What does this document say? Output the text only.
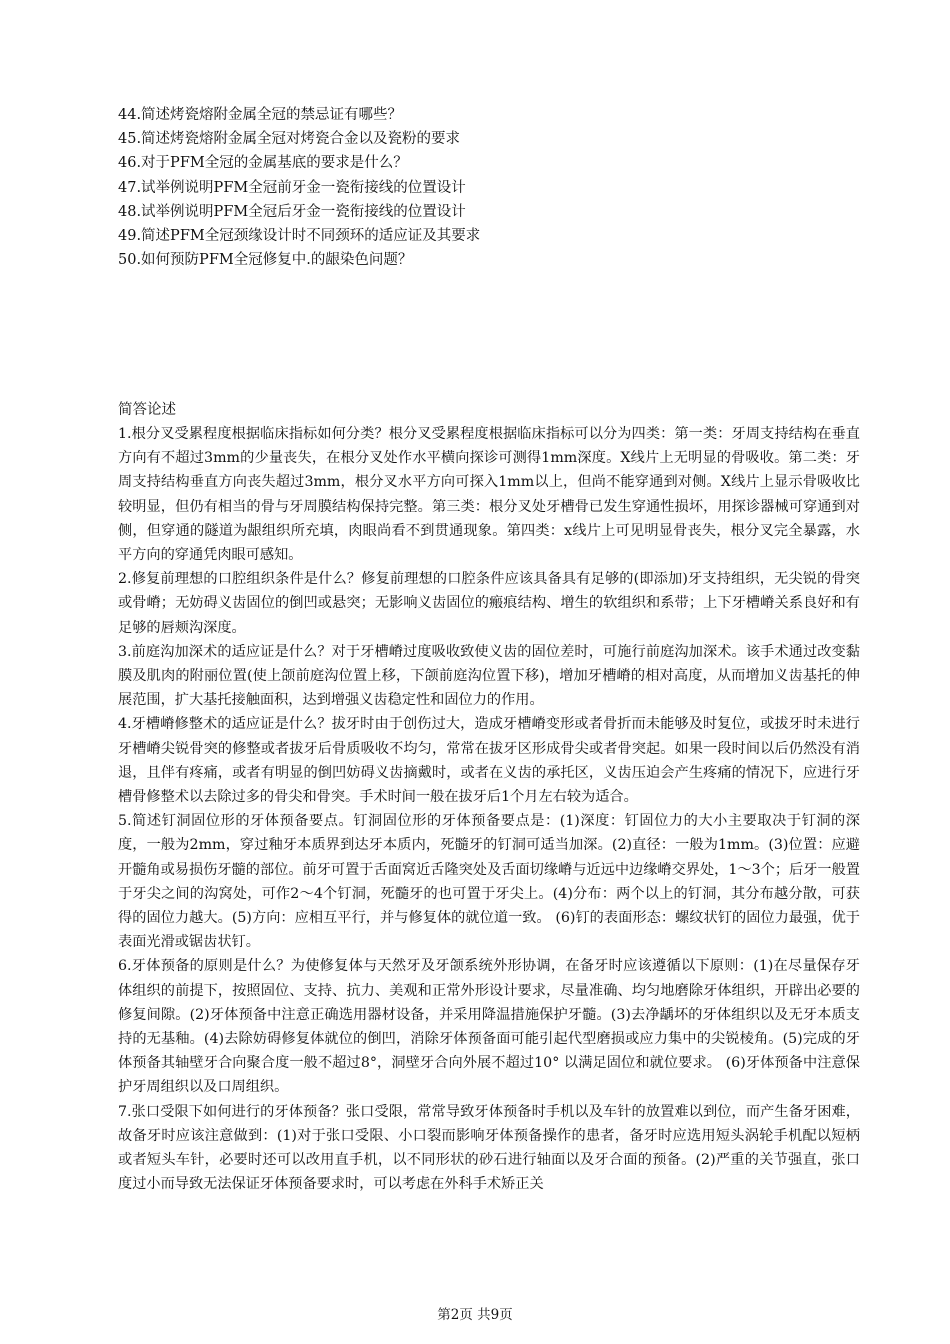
44.简述烤瓷熔附金属全冠的禁忌证有哪些？
45.简述烤瓷熔附金属全冠对烤瓷合金以及瓷粉的要求
46.对于PFM全冠的金属基底的要求是什么？
47.试举例说明PFM全冠前牙金一瓷衔接线的位置设计
48.试举例说明PFM全冠后牙金一瓷衔接线的位置设计
49.简述PFM全冠颈缘设计时不同颈环的适应证及其要求
50.如何预防PFM全冠修复中.的龈染色问题？
简答论述

1.根分叉受累程度根据临床指标如何分类？根分叉受累程度根据临床指标可以分为四类：第一类：牙周支持结构在垂直方向有不超过3mm的少量丧失，在根分叉处作水平横向探诊可测得1mm深度。X线片上无明显的骨吸收。第二类：牙周支持结构垂直方向丧失超过3mm，根分叉水平方向可探入1mm以上，但尚不能穿通到对侧。X线片上显示骨吸收比较明显，但仍有相当的骨与牙周膜结构保持完整。第三类：根分叉处牙槽骨已发生穿通性损坏，用探诊器械可穿通到对侧，但穿通的隧道为龈组织所充填，肉眼尚看不到贯通现象。第四类：x线片上可见明显骨丧失，根分叉完全暴露，水平方向的穿通凭肉眼可感知。

2.修复前理想的口腔组织条件是什么？修复前理想的口腔条件应该具备具有足够的(即添加)牙支持组织，无尖锐的骨突或骨嵴；无妨碍义齿固位的倒凹或悬突；无影响义齿固位的瘢痕结构、增生的软组织和系带；上下牙槽嵴关系良好和有足够的唇颊沟深度。

3.前庭沟加深术的适应证是什么？对于牙槽嵴过度吸收致使义齿的固位差时，可施行前庭沟加深术。该手术通过改变黏膜及肌肉的附丽位置(使上颌前庭沟位置上移，下颌前庭沟位置下移)，增加牙槽嵴的相对高度，从而增加义齿基托的伸展范围，扩大基托接触面积，达到增强义齿稳定性和固位力的作用。

4.牙槽嵴修整术的适应证是什么？拔牙时由于创伤过大，造成牙槽嵴变形或者骨折而未能够及时复位，或拔牙时未进行牙槽嵴尖锐骨突的修整或者拔牙后骨质吸收不均匀，常常在拔牙区形成骨尖或者骨突起。如果一段时间以后仍然没有消退，且伴有疼痛，或者有明显的倒凹妨碍义齿摘戴时，或者在义齿的承托区，义齿压迫会产生疼痛的情况下，应进行牙槽骨修整术以去除过多的骨尖和骨突。手术时间一般在拔牙后1个月左右较为适合。

5.简述钉洞固位形的牙体预备要点。钉洞固位形的牙体预备要点是：(1)深度：钉固位力的大小主要取决于钉洞的深度，一般为2mm，穿过釉牙本质界到达牙本质内，死髓牙的钉洞可适当加深。(2)直径：一般为1mm。(3)位置：应避开髓角或易损伤牙髓的部位。前牙可置于舌面窝近舌隆突处及舌面切缘嵴与近远中边缘嵴交界处，1～3个；后牙一般置于牙尖之间的沟窝处，可作2～4个钉洞，死髓牙的也可置于牙尖上。(4)分布：两个以上的钉洞，其分布越分散，可获得的固位力越大。(5)方向：应相互平行，并与修复体的就位道一致。 (6)钉的表面形态：螺纹状钉的固位力最强，优于表面光滑或锯齿状钉。

6.牙体预备的原则是什么？为使修复体与天然牙及牙颌系统外形协调，在备牙时应该遵循以下原则：(1)在尽量保存牙体组织的前提下，按照固位、支持、抗力、美观和正常外形设计要求，尽量准确、均匀地磨除牙体组织，开辟出必要的修复间隙。(2)牙体预备中注意正确选用器材设备，并采用降温措施保护牙髓。(3)去净龋坏的牙体组织以及无牙本质支持的无基釉。(4)去除妨碍修复体就位的倒凹，消除牙体预备面可能引起代型磨损或应力集中的尖锐棱角。(5)完成的牙体预备其轴壁牙合向聚合度一般不超过8°，洞壁牙合向外展不超过10° 以满足固位和就位要求。 (6)牙体预备中注意保护牙周组织以及口周组织。

7.张口受限下如何进行的牙体预备？张口受限，常常导致牙体预备时手机以及车针的放置难以到位，而产生备牙困难，故备牙时应该注意做到：(1)对于张口受限、小口裂而影响牙体预备操作的患者，备牙时应选用短头涡轮手机配以短柄或者短头车针，必要时还可以改用直手机，以不同形状的砂石进行轴面以及牙合面的预备。(2)严重的关节强直，张口度过小而导致无法保证牙体预备要求时，可以考虑在外科手术矫正关

第2页 共9页
